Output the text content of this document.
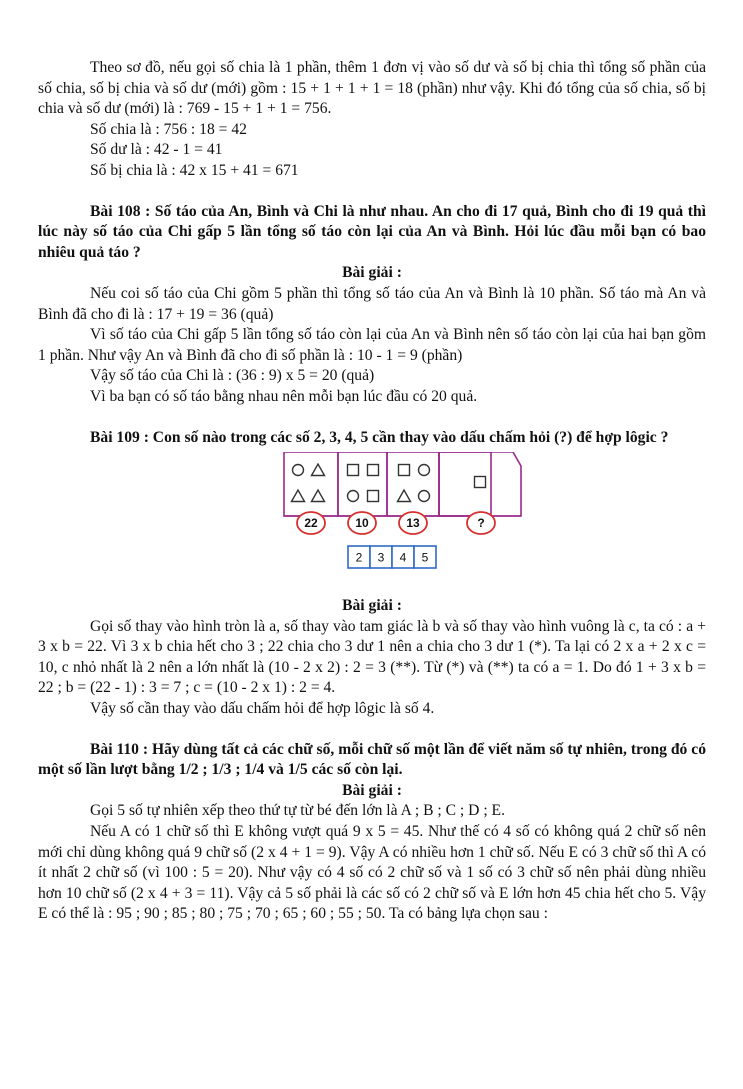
Theo sơ đồ, nếu gọi số chia là 1 phần, thêm 1 đơn vị vào số dư và số bị chia thì tổng số phần của số chia, số bị chia và số dư (mới) gồm : 15 + 1 + 1 + 1 = 18 (phần) như vậy. Khi đó tổng của số chia, số bị chia và số dư (mới) là : 769 - 15 + 1 + 1 = 756.

Số chia là : 756 : 18 = 42

Số dư là : 42 - 1 = 41

Số bị chia là : 42 x 15 + 41 = 671

Bài 108 : Số táo của An, Bình và Chi là như nhau. An cho đi 17 quả, Bình cho đi 19 quả thì lúc này số táo của Chi gấp 5 lần tổng số táo còn lại của An và Bình. Hỏi lúc đầu mỗi bạn có bao nhiêu quả táo ?

Bài giải :

Nếu coi số táo của Chi gồm 5 phần thì tổng số táo của An và Bình là 10 phần. Số táo mà An và Bình đã cho đi là : 17 + 19 = 36 (quả)

Vì số táo của Chi gấp 5 lần tổng số táo còn lại của An và Bình nên số táo còn lại của hai bạn gồm 1 phần. Như vậy An và Bình đã cho đi số phần là : 10 - 1 = 9 (phần)

Vậy số táo của Chi là : (36 : 9) x 5 = 20 (quả)

Vì ba bạn có số táo bằng nhau nên mỗi bạn lúc đầu có 20 quả.

Bài 109 : Con số nào trong các số 2, 3, 4, 5 cần thay vào dấu chấm hỏi (?) để hợp lôgic ?

22	10	13	?
2 3 4 5

Bài giải :

Gọi số thay vào hình tròn là a, số thay vào tam giác là b và số thay vào hình vuông là c, ta có : a + 3 x b = 22. Vì 3 x b chia hết cho 3 ; 22 chia cho 3 dư 1 nên a chia cho 3 dư 1 (*). Ta lại có 2 x a + 2 x c = 10, c nhỏ nhất là 2 nên a lớn nhất là (10 - 2 x 2) : 2 = 3 (**). Từ (*) và (**) ta có a = 1. Do đó 1 + 3 x b = 22 ; b = (22 - 1) : 3 = 7 ; c = (10 - 2 x 1) : 2 = 4.

Vậy số cần thay vào dấu chấm hỏi để hợp lôgic là số 4.

Bài 110 : Hãy dùng tất cả các chữ số, mỗi chữ số một lần để viết năm số tự nhiên, trong đó có một số lần lượt bằng 1/2 ; 1/3 ; 1/4 và 1/5 các số còn lại.

Bài giải :

Gọi 5 số tự nhiên xếp theo thứ tự từ bé đến lớn là A ; B ; C ; D ; E.

Nếu A có 1 chữ số thì E không vượt quá 9 x 5 = 45. Như thế có 4 số có không quá 2 chữ số nên mới chỉ dùng không quá 9 chữ số (2 x 4 + 1 = 9). Vậy A có nhiều hơn 1 chữ số. Nếu E có 3 chữ số thì A có ít nhất 2 chữ số (vì 100 : 5 = 20). Như vậy có 4 số có 2 chữ số và 1 số có 3 chữ số nên phải dùng nhiều hơn 10 chữ số (2 x 4 + 3 = 11). Vậy cả 5 số phải là các số có 2 chữ số và E lớn hơn 45 chia hết cho 5. Vậy E có thể là : 95 ; 90 ; 85 ; 80 ; 75 ; 70 ; 65 ; 60 ; 55 ; 50. Ta có bảng lựa chọn sau :
